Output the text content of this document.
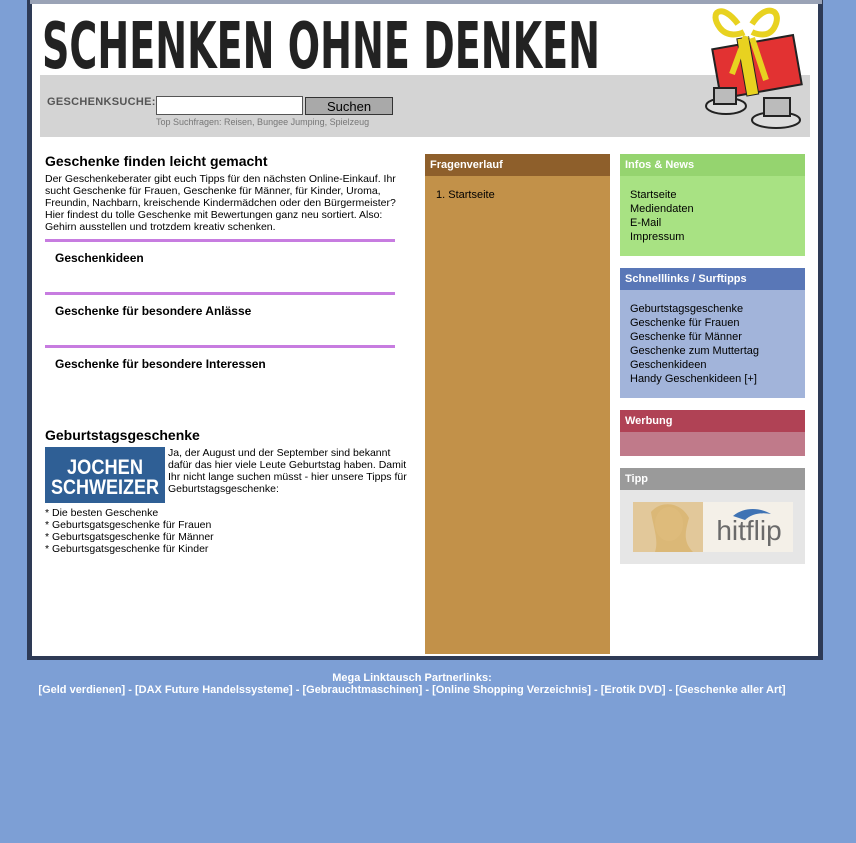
SCHENKEN OHNE DENKEN
GESCHENKSUCHE:	Suchen
Top Suchfragen: Reisen, Bungee Jumping, Spielzeug
Geschenke finden leicht gemacht
Der Geschenkeberater gibt euch Tipps für den nächsten Online-Einkauf. Ihr sucht Geschenke für Frauen, Geschenke für Männer, für Kinder, Uroma, Freundin, Nachbarn, kreischende Kindermädchen oder den Bürgermeister? Hier findest du tolle Geschenke mit Bewertungen ganz neu sortiert. Also: Gehirn ausstellen und trotzdem kreativ schenken.
Geschenkideen
Geschenke für besondere Anlässe
Geschenke für besondere Interessen
Geburtstagsgeschenke
JOCHEN
SCHWEIZER
Ja, der August und der September sind bekannt dafür das hier viele Leute Geburtstag haben. Damit Ihr nicht lange suchen müsst - hier unsere Tipps für Geburtstagsgeschenke:
* Die besten Geschenke
* Geburtsgatsgeschenke für Frauen
* Geburtsgatsgeschenke für Männer
* Geburtsgatsgeschenke für Kinder
Fragenverlauf
1. Startseite
Infos & News
Startseite
Mediendaten
E-Mail
Impressum
Schnelllinks / Surftipps
Geburtstagsgeschenke
Geschenke für Frauen
Geschenke für Männer
Geschenke zum Muttertag
Geschenkideen
Handy Geschenkideen [+]
Werbung
Tipp
hitflip
Mega Linktausch Partnerlinks:
[Geld verdienen] - [DAX Future Handelssysteme] - [Gebrauchtmaschinen] - [Online Shopping Verzeichnis] - [Erotik DVD] - [Geschenke aller Art]
